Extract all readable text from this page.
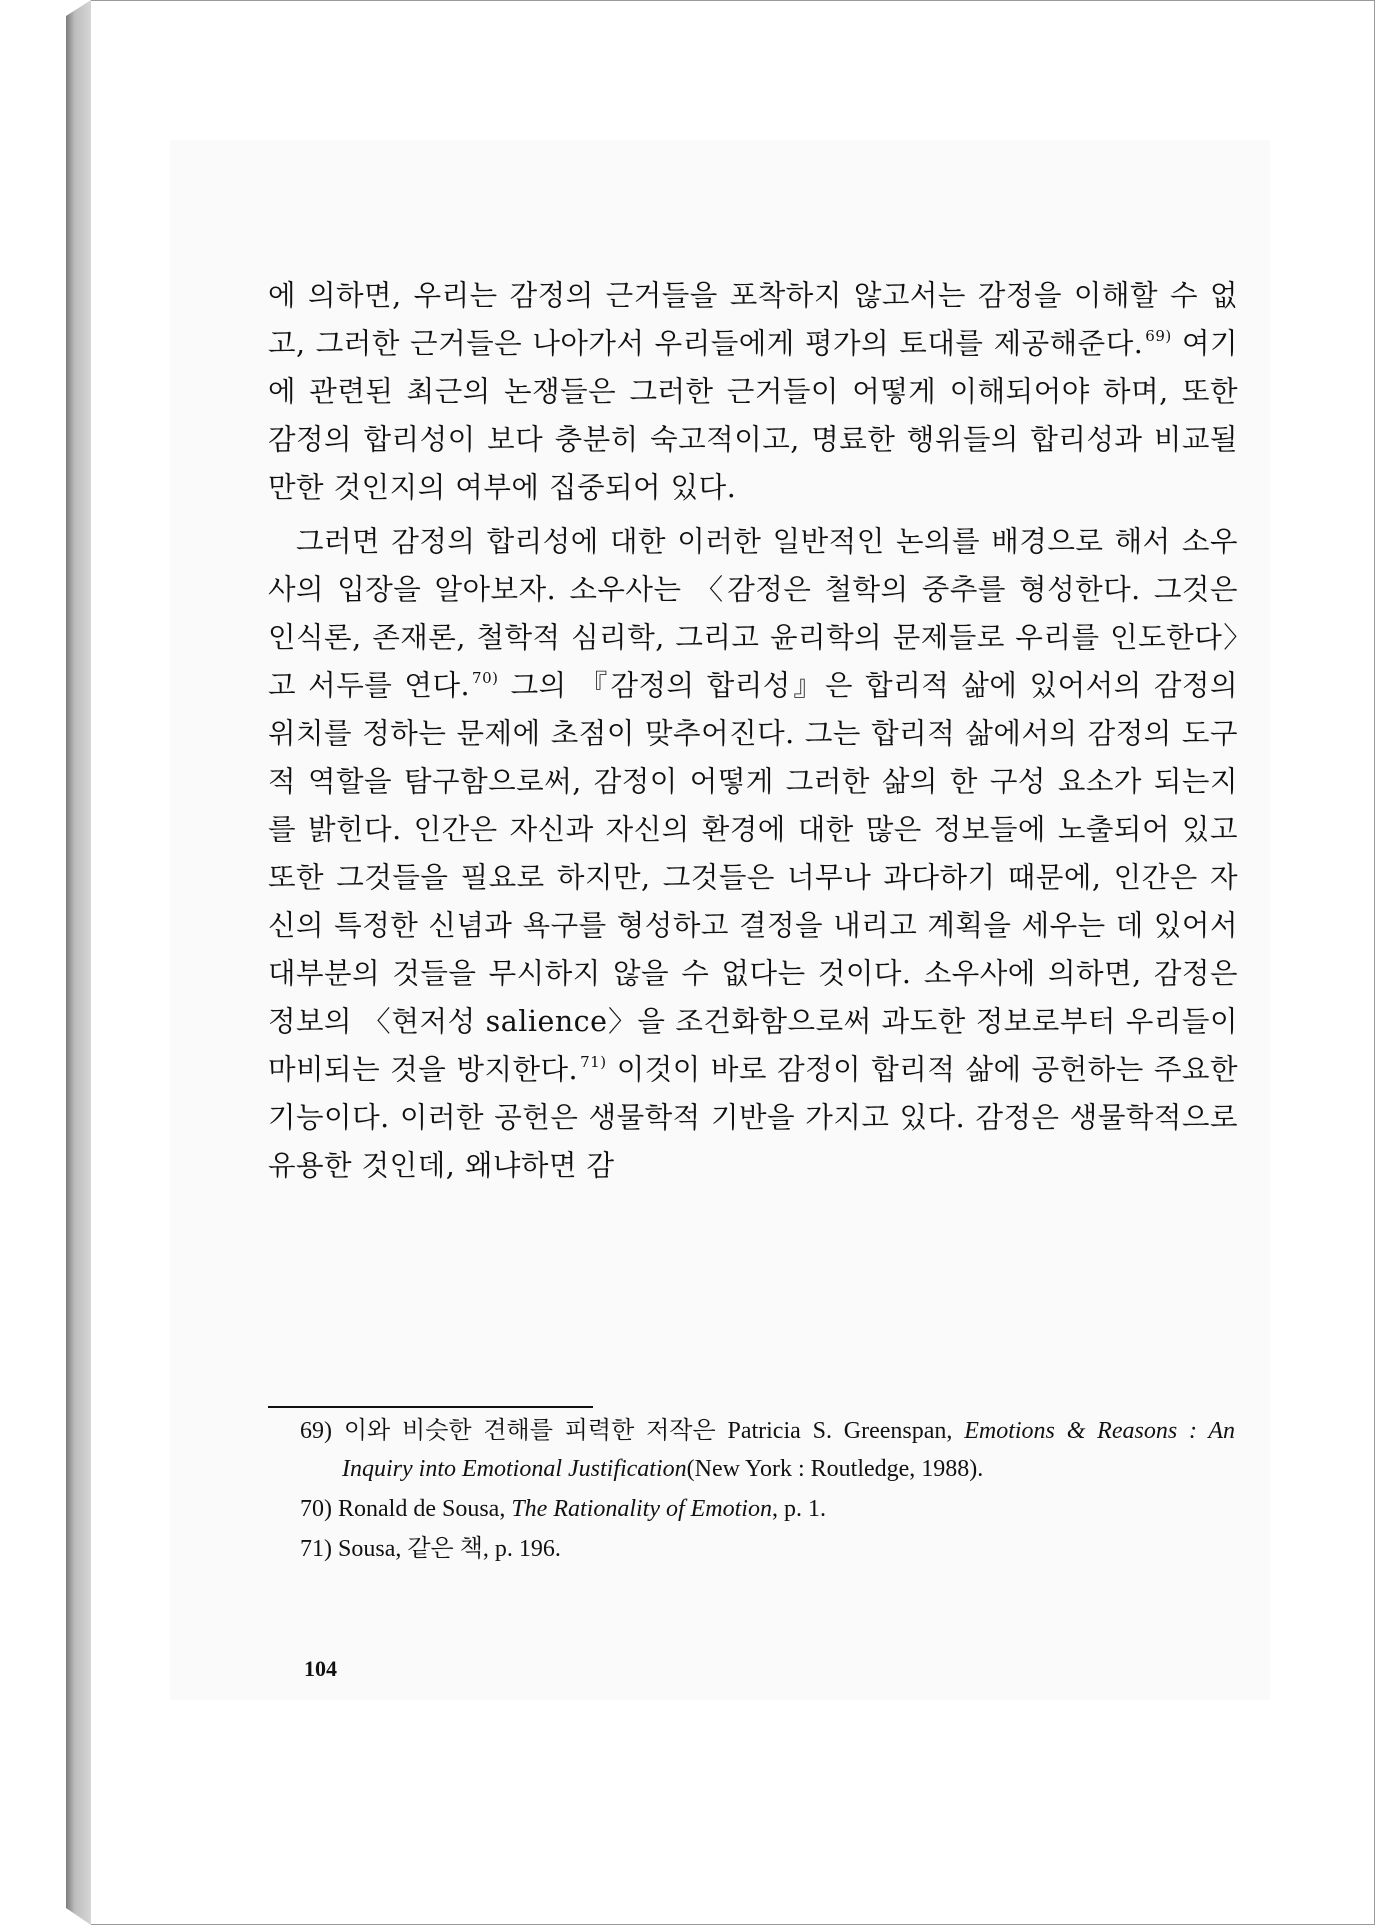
에 의하면, 우리는 감정의 근거들을 포착하지 않고서는 감정을 이해할 수 없고, 그러한 근거들은 나아가서 우리들에게 평가의 토대를 제공해준다. $^{69)}$ 여기에 관련된 최근의 논쟁들은 그러한 근거들이 어떻게 이해되어야 하며, 또한 감정의 합리성이 보다 충분히 숙고적이고, 명료한 행위들의 합리성과 비교될 만한 것인지의 여부에 집중되어 있다.

그러면 감정의 합리성에 대한 이러한 일반적인 논의를 배경으로 해서 소우사의 입장을 알아보자. 소우사는 〈감정은 철학의 중추를 형성한다. 그것은 인식론, 존재론, 철학적 심리학, 그리고 윤리학의 문제들로 우리를 인도한다〉고 서두를 연다. $^{70)}$ 그의 『감정의 합리성』은 합리적 삶에 있어서의 감정의 위치를 정하는 문제에 초점이 맞추어진다. 그는 합리적 삶에서의 감정의 도구적 역할을 탐구함으로써, 감정이 어떻게 그러한 삶의 한 구성 요소가 되는지를 밝힌다. 인간은 자신과 자신의 환경에 대한 많은 정보들에 노출되어 있고 또한 그것들을 필요로 하지만, 그것들은 너무나 과다하기 때문에, 인간은 자신의 특정한 신념과 욕구를 형성하고 결정을 내리고 계획을 세우는 데 있어서 대부분의 것들을 무시하지 않을 수 없다는 것이다. 소우사에 의하면, 감정은 정보의 〈현저성 salience〉을 조건화함으로써 과도한 정보로부터 우리들이 마비되는 것을 방지한다. $^{71)}$ 이것이 바로 감정이 합리적 삶에 공헌하는 주요한 기능이다. 이러한 공헌은 생물학적 기반을 가지고 있다. 감정은 생물학적으로 유용한 것인데, 왜냐하면 감

69) 이와 비슷한 견해를 피력한 저작은 Patricia S. Greenspan, Emotions & Reasons : An Inquiry into Emotional Justification(New York : Routledge, 1988).
70) Ronald de Sousa, The Rationality of Emotion, p. 1.
71) Sousa, 같은 책, p. 196.
104
